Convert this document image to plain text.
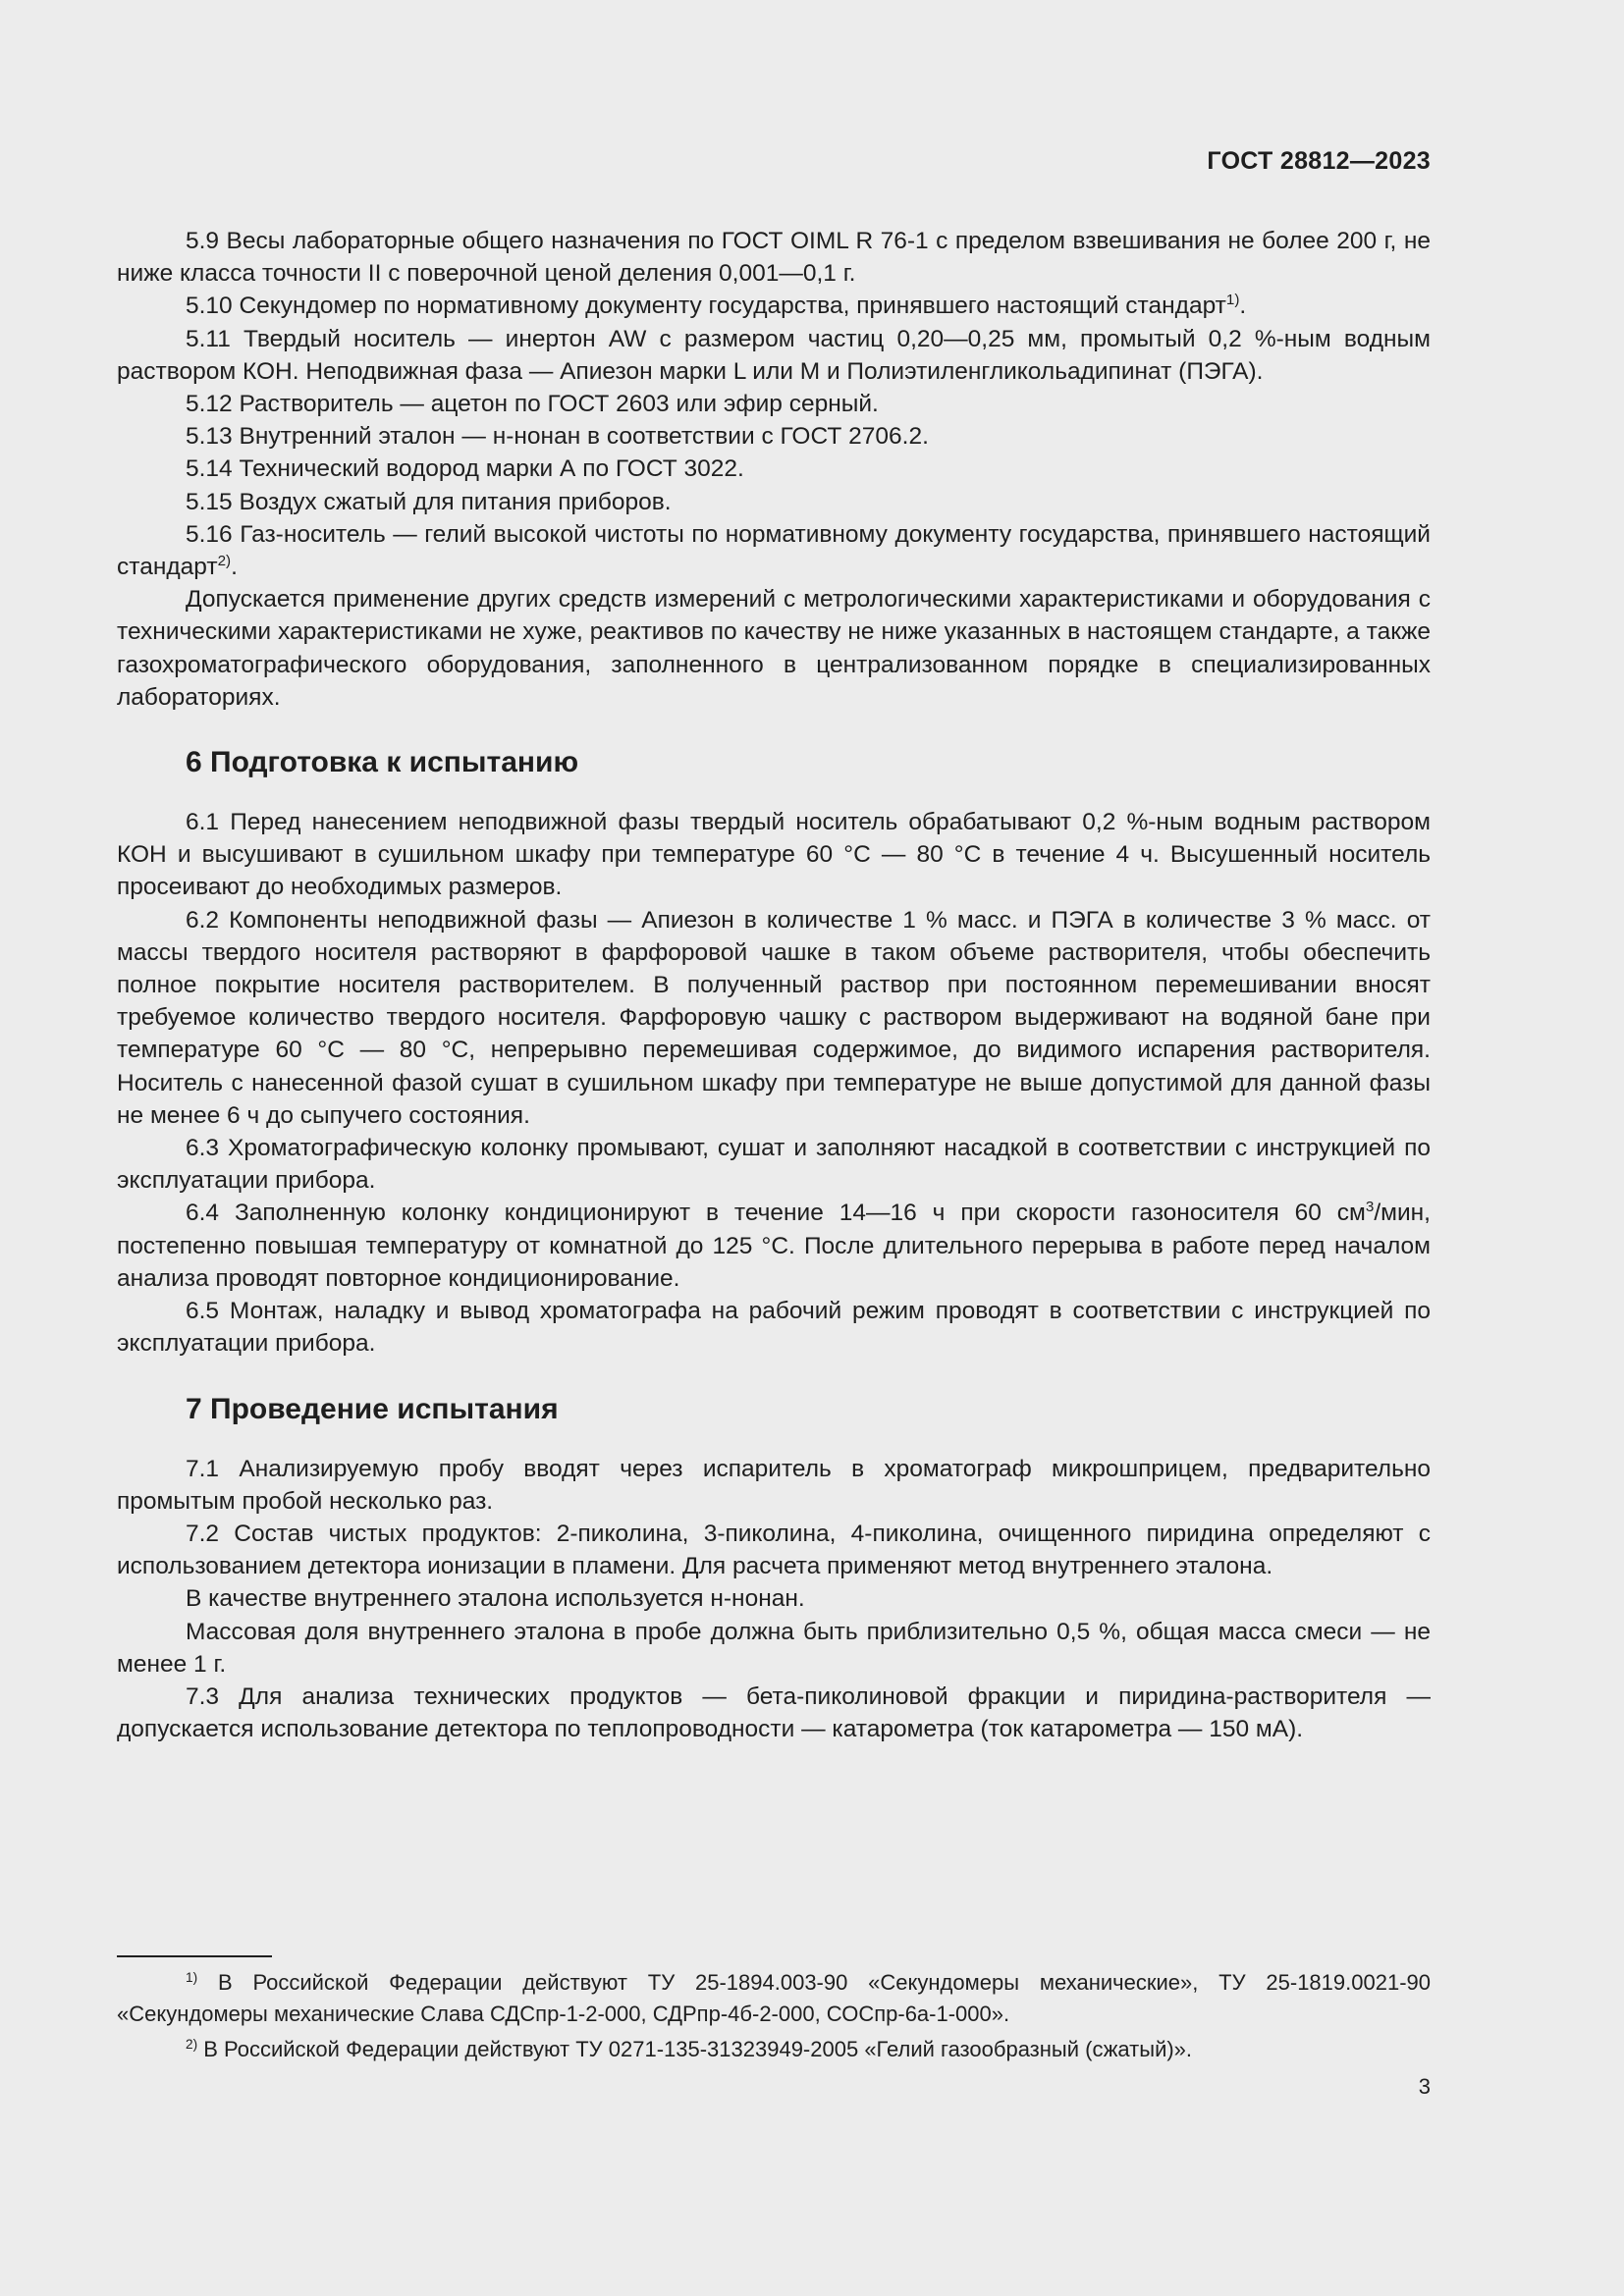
ГОСТ 28812—2023

5.9 Весы лабораторные общего назначения по ГОСТ OIML R 76-1 с пределом взвешивания не более 200 г, не ниже класса точности II с поверочной ценой деления 0,001—0,1 г.

5.10 Секундомер по нормативному документу государства, принявшего настоящий стандарт$^{1)}$.

5.11 Твердый носитель — инертон AW с размером частиц 0,20—0,25 мм, промытый 0,2 %-ным водным раствором КОН. Неподвижная фаза — Апиезон марки L или М и Полиэтиленгликольадипинат (ПЭГА).

5.12 Растворитель — ацетон по ГОСТ 2603 или эфир серный.

5.13 Внутренний эталон — н-нонан в соответствии с ГОСТ 2706.2.

5.14 Технический водород марки А по ГОСТ 3022.

5.15 Воздух сжатый для питания приборов.

5.16 Газ-носитель — гелий высокой чистоты по нормативному документу государства, принявшего настоящий стандарт$^{2)}$.

Допускается применение других средств измерений с метрологическими характеристиками и оборудования с техническими характеристиками не хуже, реактивов по качеству не ниже указанных в настоящем стандарте, а также газохроматографического оборудования, заполненного в централизованном порядке в специализированных лабораториях.

6 Подготовка к испытанию

6.1 Перед нанесением неподвижной фазы твердый носитель обрабатывают 0,2 %-ным водным раствором КОН и высушивают в сушильном шкафу при температуре 60 °С — 80 °С в течение 4 ч. Высушенный носитель просеивают до необходимых размеров.

6.2 Компоненты неподвижной фазы — Апиезон в количестве 1 % масс. и ПЭГА в количестве 3 % масс. от массы твердого носителя растворяют в фарфоровой чашке в таком объеме растворителя, чтобы обеспечить полное покрытие носителя растворителем. В полученный раствор при постоянном перемешивании вносят требуемое количество твердого носителя. Фарфоровую чашку с раствором выдерживают на водяной бане при температуре 60 °С — 80 °С, непрерывно перемешивая содержимое, до видимого испарения растворителя. Носитель с нанесенной фазой сушат в сушильном шкафу при температуре не выше допустимой для данной фазы не менее 6 ч до сыпучего состояния.

6.3 Хроматографическую колонку промывают, сушат и заполняют насадкой в соответствии с инструкцией по эксплуатации прибора.

6.4 Заполненную колонку кондиционируют в течение 14—16 ч при скорости газоносителя 60 $см^3$/мин, постепенно повышая температуру от комнатной до 125 °С. После длительного перерыва в работе перед началом анализа проводят повторное кондиционирование.

6.5 Монтаж, наладку и вывод хроматографа на рабочий режим проводят в соответствии с инструкцией по эксплуатации прибора.

7 Проведение испытания

7.1 Анализируемую пробу вводят через испаритель в хроматограф микрошприцем, предварительно промытым пробой несколько раз.

7.2 Состав чистых продуктов: 2-пиколина, 3-пиколина, 4-пиколина, очищенного пиридина определяют с использованием детектора ионизации в пламени. Для расчета применяют метод внутреннего эталона.

В качестве внутреннего эталона используется н-нонан.

Массовая доля внутреннего эталона в пробе должна быть приблизительно 0,5 %, общая масса смеси — не менее 1 г.

7.3 Для анализа технических продуктов — бета-пиколиновой фракции и пиридина-растворителя — допускается использование детектора по теплопроводности — катарометра (ток катарометра — 150 мА).

$^{1)}$ В Российской Федерации действуют ТУ 25-1894.003-90 «Секундомеры механические», ТУ 25-1819.0021-90 «Секундомеры механические Слава СДСпр-1-2-000, СДРпр-4б-2-000, СОСпр-6а-1-000».

$^{2)}$ В Российской Федерации действуют ТУ 0271-135-31323949-2005 «Гелий газообразный (сжатый)».

3
